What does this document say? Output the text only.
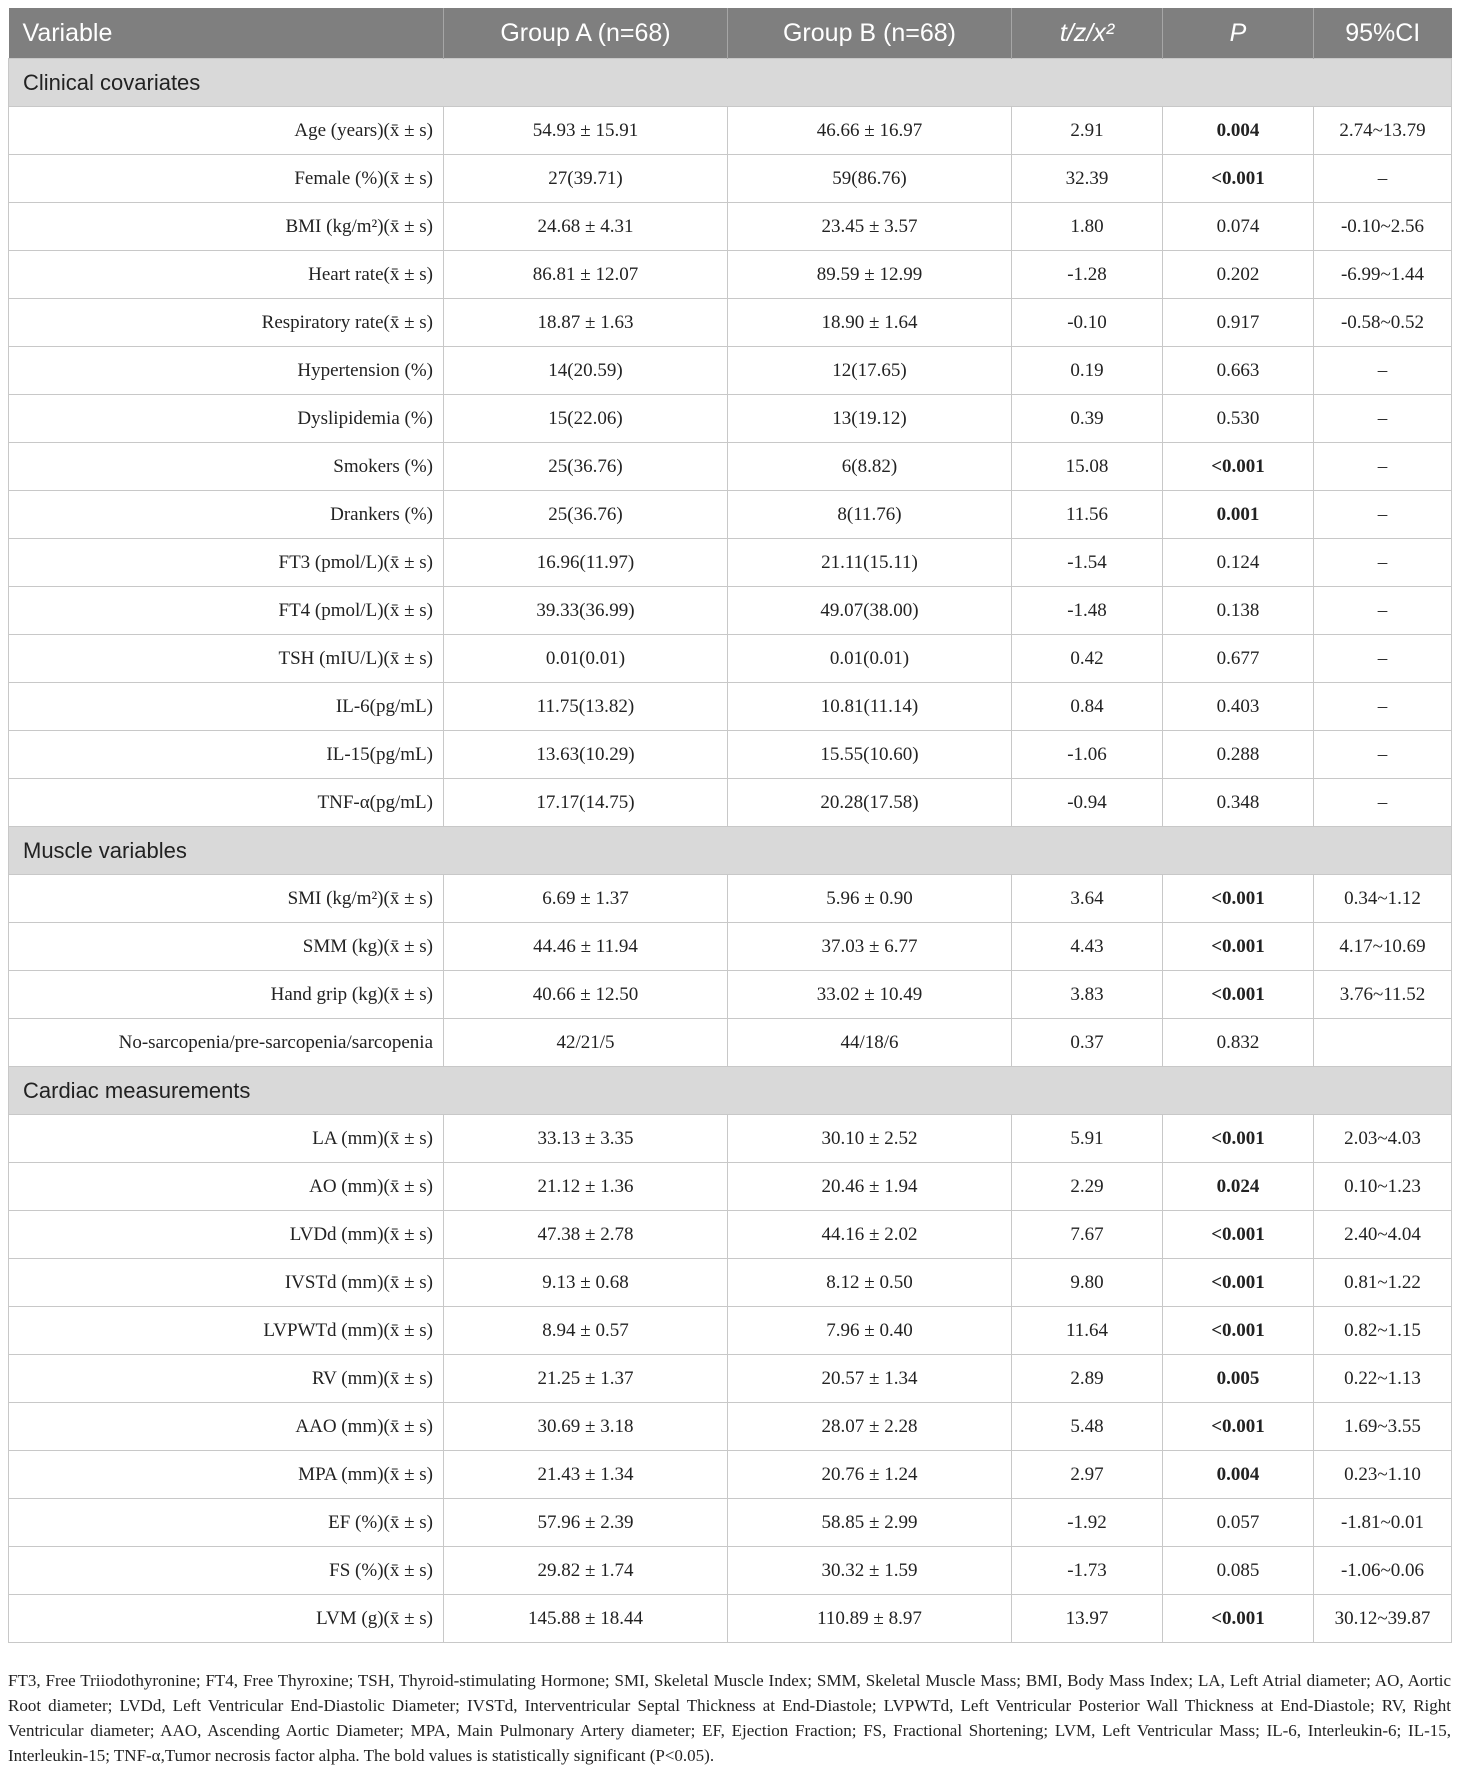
Variable	Group A (n=68)	Group B (n=68)	t/z/x²	P	95%CI
Clinical covariates					
Age (years)(x̄ ± s)	54.93 ± 15.91	46.66 ± 16.97	2.91	0.004	2.74~13.79
Female (%)(x̄ ± s)	27(39.71)	59(86.76)	32.39	<0.001	–
BMI (kg/m²)(x̄ ± s)	24.68 ± 4.31	23.45 ± 3.57	1.80	0.074	-0.10~2.56
Heart rate(x̄ ± s)	86.81 ± 12.07	89.59 ± 12.99	-1.28	0.202	-6.99~1.44
Respiratory rate(x̄ ± s)	18.87 ± 1.63	18.90 ± 1.64	-0.10	0.917	-0.58~0.52
Hypertension (%)	14(20.59)	12(17.65)	0.19	0.663	–
Dyslipidemia (%)	15(22.06)	13(19.12)	0.39	0.530	–
Smokers (%)	25(36.76)	6(8.82)	15.08	<0.001	–
Drankers (%)	25(36.76)	8(11.76)	11.56	0.001	–
FT3 (pmol/L)(x̄ ± s)	16.96(11.97)	21.11(15.11)	-1.54	0.124	–
FT4 (pmol/L)(x̄ ± s)	39.33(36.99)	49.07(38.00)	-1.48	0.138	–
TSH (mIU/L)(x̄ ± s)	0.01(0.01)	0.01(0.01)	0.42	0.677	–
IL-6(pg/mL)	11.75(13.82)	10.81(11.14)	0.84	0.403	–
IL-15(pg/mL)	13.63(10.29)	15.55(10.60)	-1.06	0.288	–
TNF-α(pg/mL)	17.17(14.75)	20.28(17.58)	-0.94	0.348	–
Muscle variables					
SMI (kg/m²)(x̄ ± s)	6.69 ± 1.37	5.96 ± 0.90	3.64	<0.001	0.34~1.12
SMM (kg)(x̄ ± s)	44.46 ± 11.94	37.03 ± 6.77	4.43	<0.001	4.17~10.69
Hand grip (kg)(x̄ ± s)	40.66 ± 12.50	33.02 ± 10.49	3.83	<0.001	3.76~11.52
No-sarcopenia/pre-sarcopenia/sarcopenia	42/21/5	44/18/6	0.37	0.832	
Cardiac measurements					
LA (mm)(x̄ ± s)	33.13 ± 3.35	30.10 ± 2.52	5.91	<0.001	2.03~4.03
AO (mm)(x̄ ± s)	21.12 ± 1.36	20.46 ± 1.94	2.29	0.024	0.10~1.23
LVDd (mm)(x̄ ± s)	47.38 ± 2.78	44.16 ± 2.02	7.67	<0.001	2.40~4.04
IVSTd (mm)(x̄ ± s)	9.13 ± 0.68	8.12 ± 0.50	9.80	<0.001	0.81~1.22
LVPWTd (mm)(x̄ ± s)	8.94 ± 0.57	7.96 ± 0.40	11.64	<0.001	0.82~1.15
RV (mm)(x̄ ± s)	21.25 ± 1.37	20.57 ± 1.34	2.89	0.005	0.22~1.13
AAO (mm)(x̄ ± s)	30.69 ± 3.18	28.07 ± 2.28	5.48	<0.001	1.69~3.55
MPA (mm)(x̄ ± s)	21.43 ± 1.34	20.76 ± 1.24	2.97	0.004	0.23~1.10
EF (%)(x̄ ± s)	57.96 ± 2.39	58.85 ± 2.99	-1.92	0.057	-1.81~0.01
FS (%)(x̄ ± s)	29.82 ± 1.74	30.32 ± 1.59	-1.73	0.085	-1.06~0.06
LVM (g)(x̄ ± s)	145.88 ± 18.44	110.89 ± 8.97	13.97	<0.001	30.12~39.87
FT3, Free Triiodothyronine; FT4, Free Thyroxine; TSH, Thyroid-stimulating Hormone; SMI, Skeletal Muscle Index; SMM, Skeletal Muscle Mass; BMI, Body Mass Index; LA, Left Atrial diameter; AO, Aortic Root diameter; LVDd, Left Ventricular End-Diastolic Diameter; IVSTd, Interventricular Septal Thickness at End-Diastole; LVPWTd, Left Ventricular Posterior Wall Thickness at End-Diastole; RV, Right Ventricular diameter; AAO, Ascending Aortic Diameter; MPA, Main Pulmonary Artery diameter; EF, Ejection Fraction; FS, Fractional Shortening; LVM, Left Ventricular Mass; IL-6, Interleukin-6; IL-15, Interleukin-15; TNF-α,Tumor necrosis factor alpha. The bold values is statistically significant (P<0.05).
